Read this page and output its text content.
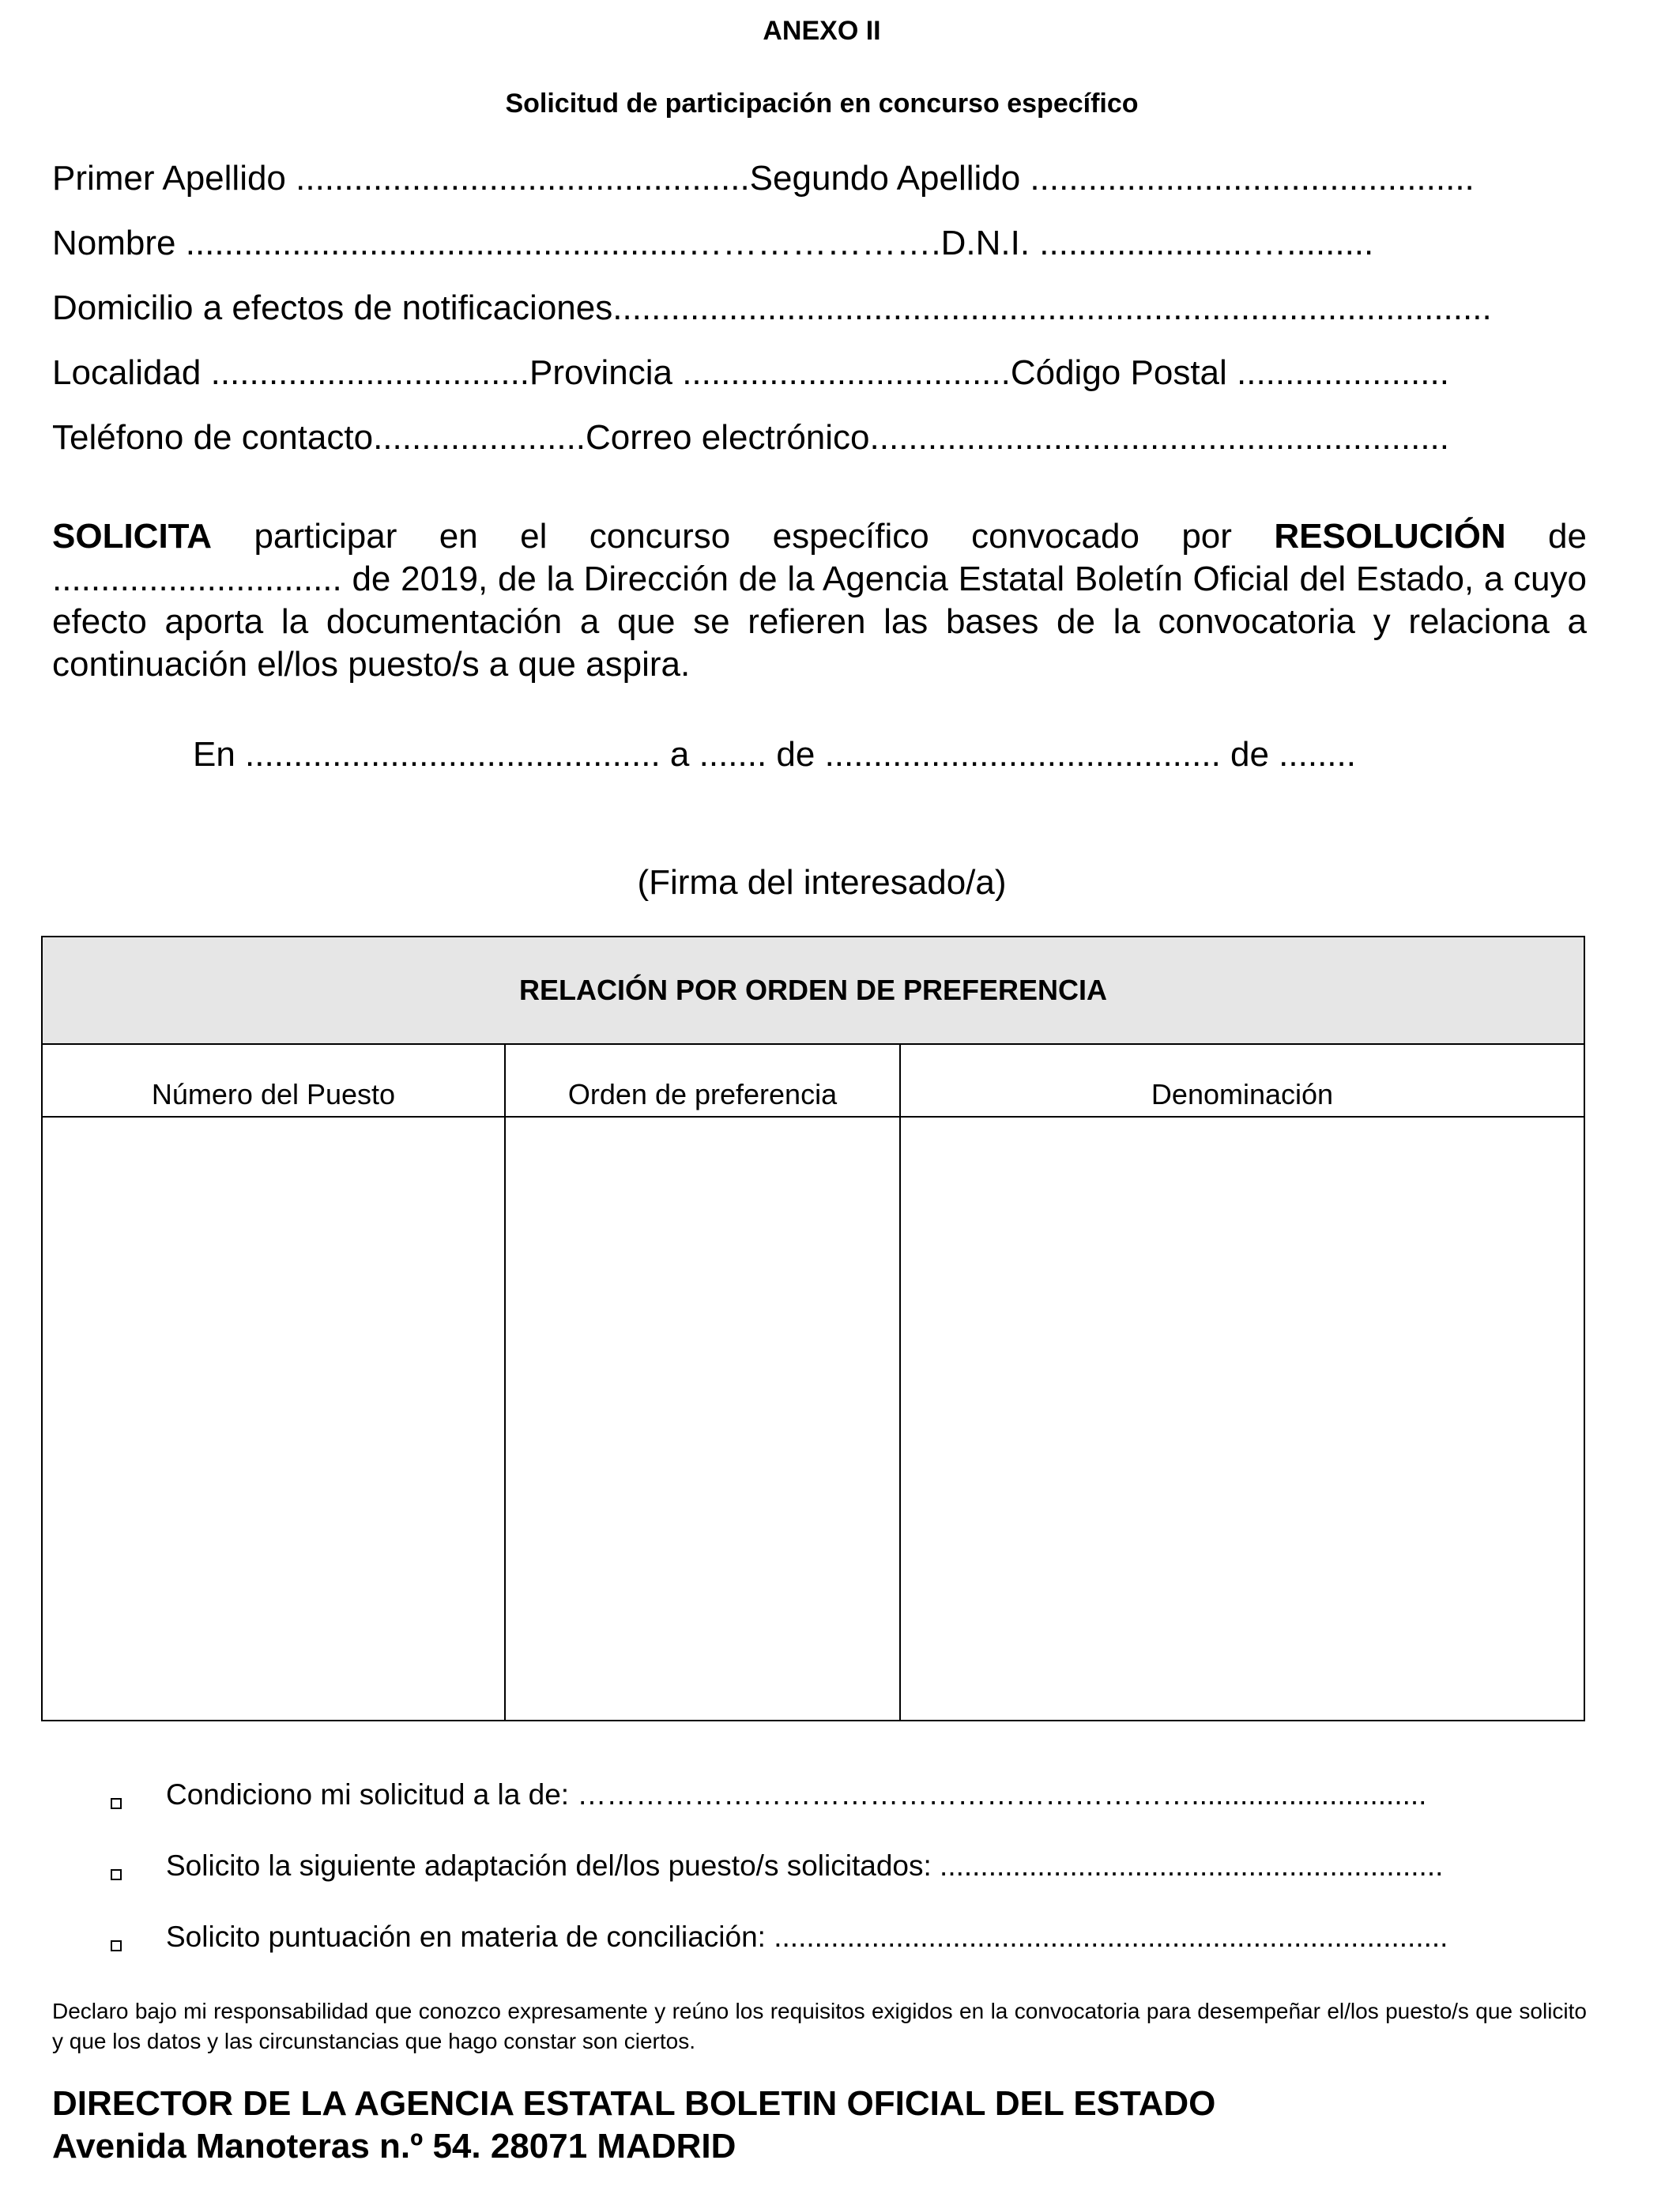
ANEXO II
Solicitud de participación en concurso específico
Primer Apellido ...............................................Segundo Apellido ..............................................
Nombre ....................................................………………….D.N.I. ......................….........
Domicilio a efectos de notificaciones...........................................................................................
Localidad .................................Provincia ..................................Código Postal ......................
Teléfono de contacto......................Correo electrónico............................................................
SOLICITA participar en el concurso específico convocado por RESOLUCIÓN de .............................. de 2019, de la Dirección de la Agencia Estatal Boletín Oficial del Estado, a cuyo efecto aporta la documentación a que se refieren las bases de la convocatoria y relaciona a continuación el/los puesto/s a que aspira.
En ........................................... a ....... de ......................................... de ........
(Firma del interesado/a)
RELACIÓN POR ORDEN DE PREFERENCIA
Número del Puesto	Orden de preferencia	Denominación
Condiciono mi solicitud a la de: ……………………………………………………….............................
Solicito la siguiente adaptación del/los puesto/s solicitados: ..............................................................
Solicito puntuación en materia de conciliación: ...................................................................................
Declaro bajo mi responsabilidad que conozco expresamente y reúno los requisitos exigidos en la convocatoria para desempeñar el/los puesto/s que solicito y que los datos y las circunstancias que hago constar son ciertos.
DIRECTOR DE LA AGENCIA ESTATAL BOLETIN OFICIAL DEL ESTADO
Avenida Manoteras n.º 54. 28071 MADRID
